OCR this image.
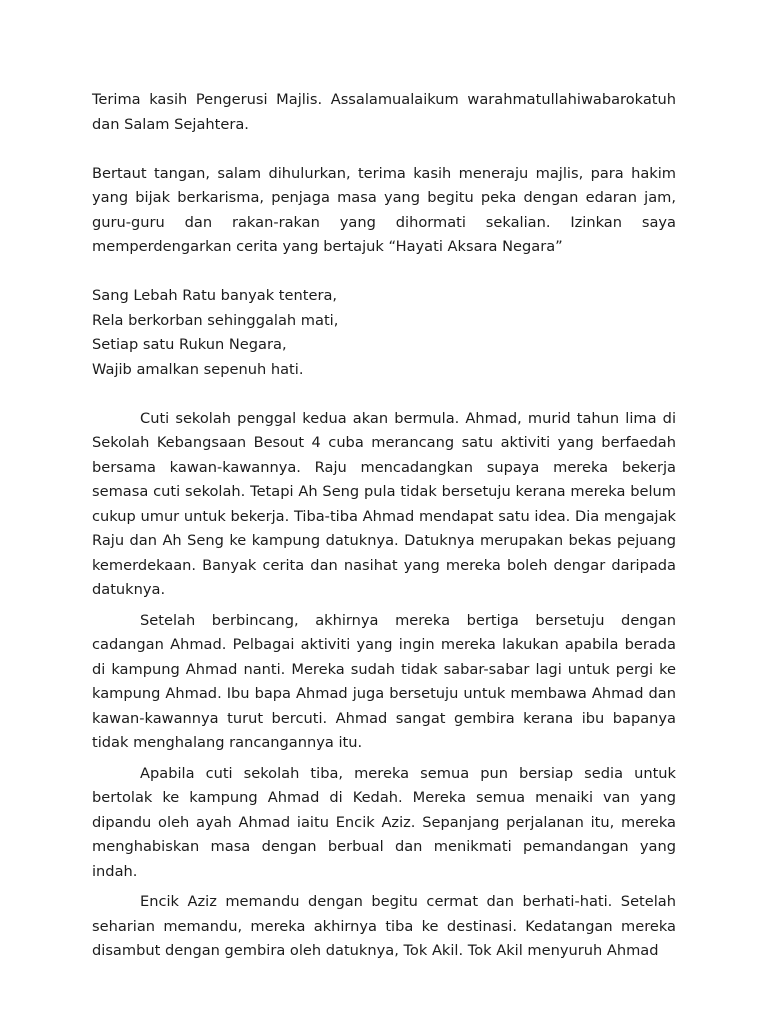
Terima kasih Pengerusi Majlis. Assalamualaikum warahmatullahiwabarokatuh dan Salam Sejahtera.

Bertaut tangan, salam dihulurkan, terima kasih meneraju majlis, para hakim yang bijak berkarisma, penjaga masa yang begitu peka dengan edaran jam, guru-guru dan rakan-rakan yang dihormati sekalian. Izinkan saya memperdengarkan cerita yang bertajuk “Hayati Aksara Negara”

Sang Lebah Ratu banyak tentera,
Rela berkorban sehinggalah mati,
Setiap satu Rukun Negara,
Wajib amalkan sepenuh hati.

Cuti sekolah penggal kedua akan bermula. Ahmad, murid tahun lima di Sekolah Kebangsaan Besout 4 cuba merancang satu aktiviti yang berfaedah bersama kawan-kawannya. Raju mencadangkan supaya mereka bekerja semasa cuti sekolah. Tetapi Ah Seng pula tidak bersetuju kerana mereka belum cukup umur untuk bekerja. Tiba-tiba Ahmad mendapat satu idea. Dia mengajak Raju dan Ah Seng ke kampung datuknya. Datuknya merupakan bekas pejuang kemerdekaan. Banyak cerita dan nasihat yang mereka boleh dengar daripada datuknya.

Setelah berbincang, akhirnya mereka bertiga bersetuju dengan cadangan Ahmad. Pelbagai aktiviti yang ingin mereka lakukan apabila berada di kampung Ahmad nanti. Mereka sudah tidak sabar-sabar lagi untuk pergi ke kampung Ahmad. Ibu bapa Ahmad juga bersetuju untuk membawa Ahmad dan kawan-kawannya turut bercuti. Ahmad sangat gembira kerana ibu bapanya tidak menghalang rancangannya itu.

Apabila cuti sekolah tiba, mereka semua pun bersiap sedia untuk bertolak ke kampung Ahmad di Kedah. Mereka semua menaiki van yang dipandu oleh ayah Ahmad iaitu Encik Aziz. Sepanjang perjalanan itu, mereka menghabiskan masa dengan berbual dan menikmati pemandangan yang indah.

Encik Aziz memandu dengan begitu cermat dan berhati-hati. Setelah seharian memandu, mereka akhirnya tiba ke destinasi. Kedatangan mereka disambut dengan gembira oleh datuknya, Tok Akil. Tok Akil menyuruh Ahmad
